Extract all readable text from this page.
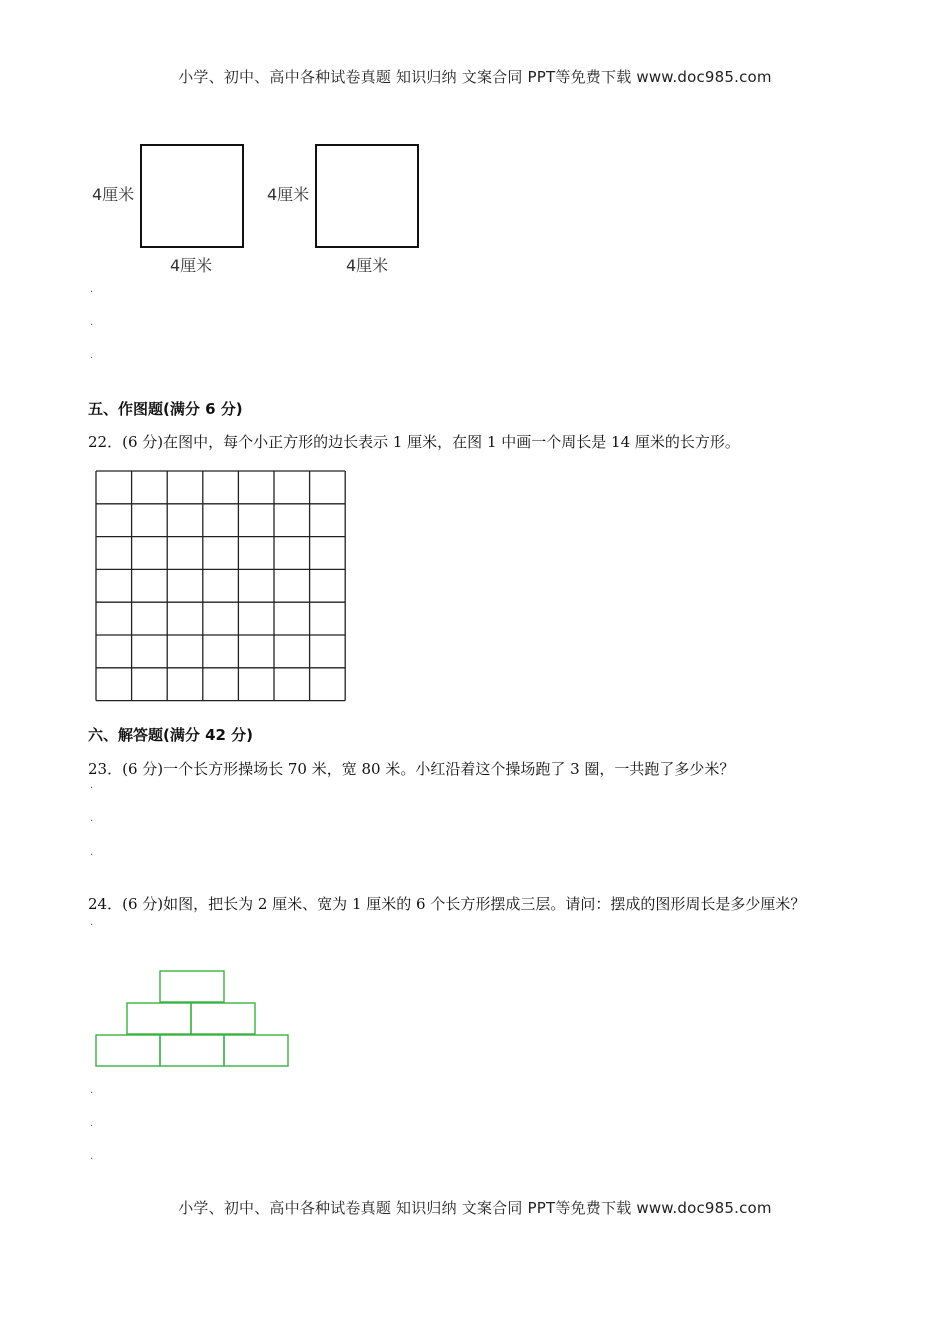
小学、初中、高中各种试卷真题 知识归纳 文案合同 PPT等免费下载 www.doc985.com
4厘米
4厘米
4厘米
4厘米
·
·
·
五、作图题(满分 6 分)
22．(6 分)在图中，每个小正方形的边长表示 1 厘米，在图 1 中画一个周长是 14 厘米的长方形。
六、解答题(满分 42 分)
23．(6 分)一个长方形操场长 70 米，宽 80 米。小红沿着这个操场跑了 3 圈，一共跑了多少米？
·
·
·
24．(6 分)如图，把长为 2 厘米、宽为 1 厘米的 6 个长方形摆成三层。请问：摆成的图形周长是多少厘米？
·
·
·
·
小学、初中、高中各种试卷真题 知识归纳 文案合同 PPT等免费下载 www.doc985.com
